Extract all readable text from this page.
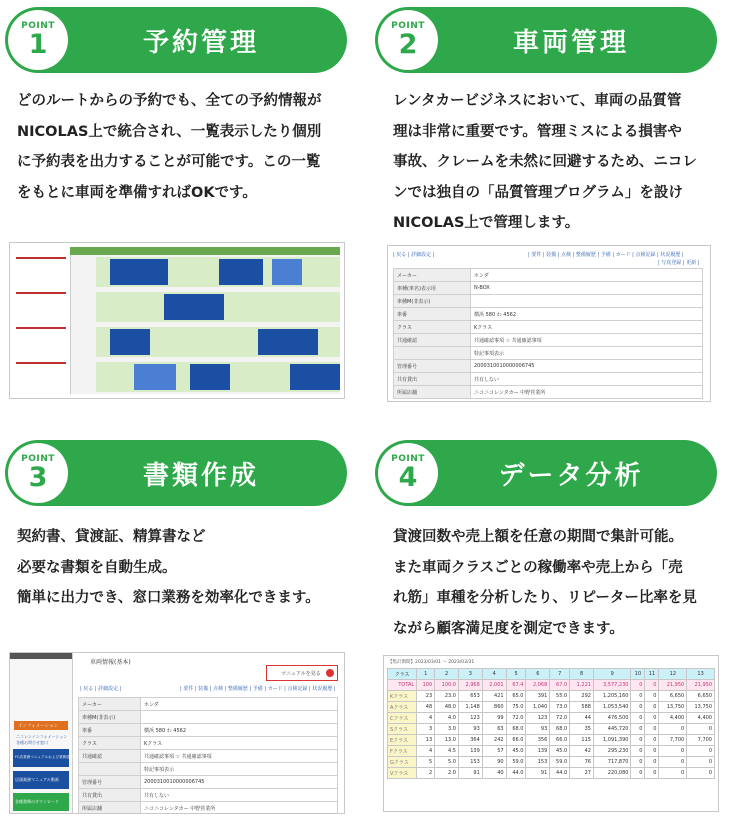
POINT
1	予約管理
どのルートからの予約でも、全ての予約情報が
NICOLAS上で統合され、一覧表示したり個別
に予約表を出力することが可能です。この一覧
をもとに車両を準備すればOKです。
POINT
2	車両管理
レンタカービジネスにおいて、車両の品質管
理は非常に重要です。管理ミスによる損害や
事故、クレームを未然に回避するため、ニコレ
ンでは独自の「品質管理プログラム」を設け
NICOLAS上で管理します。
| 戻る | 詳細設定 |	| 要件 | 装備 | 点検 | 整備履歴 | 予備 | カード | 点検記録 | 状況履歴 |
| 写真登録 | 更新 |
メーカー	ホンダ
車種(車名)表示用	N-BOX
車種M(非表示)	
車番	横浜 580 わ 4562
クラス	Kクラス
共通確認	共通確認事項 ☆ 共通確認事項
	特記事項表示
管理番号	2000310010000006745
共有貸出	共有しない
所属店舗	ニコニコレンタカー 中野営業所
POINT
3	書類作成
契約書、貸渡証、精算書など
必要な書類を自動生成。
簡単に出力でき、窓口業務を効率化できます。
インフォメーション
ニコレンインフォメーション
各種お問合せ窓口
FC店業務マニュアルおよび業務通信
店頭業務マニュアル動画
各種書類のダウンロード
車両情報(基本)
マニュアルを見る
| 戻る | 詳細設定 |	| 要件 | 装備 | 点検 | 整備履歴 | 予備 | カード | 点検記録 | 状況履歴 |
メーカー	ホンダ
車種M(非表示)	
車番	横浜 580 わ 4562
クラス	Kクラス
共通確認	共通確認事項 ☆ 共通確認事項
	特記事項表示
管理番号	2000310010000006745
共有貸出	共有しない
所属店舗	ニコニコレンタカー 中野営業所
POINT
4	データ分析
貸渡回数や売上額を任意の期間で集計可能。
また車両クラスごとの稼働率や売上から「売
れ筋」車種を分析したり、リピーター比率を見
ながら顧客満足度を測定できます。
【集計期間】2023/03/01 〜 2023/03/31
クラス	1	2	3	4	5	6	7	8	9	10	11	12	13
TOTAL	100	100.0	2,968	2,001	67.4	2,068	67.0	1,221	3,577,230	0	0	21,950	21,950
Kクラス	23	23.0	653	421	65.0	391	55.0	292	1,205,160	0	0	6,650	6,650
Aクラス	48	48.0	1,148	860	75.0	1,040	73.0	588	1,053,540	0	0	13,750	13,750
Cクラス	4	4.0	123	99	72.0	123	72.0	44	476,500	0	0	4,400	4,400
Sクラス	3	3.0	93	63	68.0	93	68.0	35	445,720	0	0	0	0
Eクラス	13	13.0	364	242	66.0	356	66.0	115	1,091,390	0	0	7,700	7,700
Fクラス	4	4.5	139	57	45.0	139	45.0	42	295,230	0	0	0	0
Gクラス	5	5.0	153	90	59.0	153	59.0	76	717,870	0	0	0	0
Vクラス	2	2.0	91	40	44.0	91	44.0	27	220,080	0	0	0	0
